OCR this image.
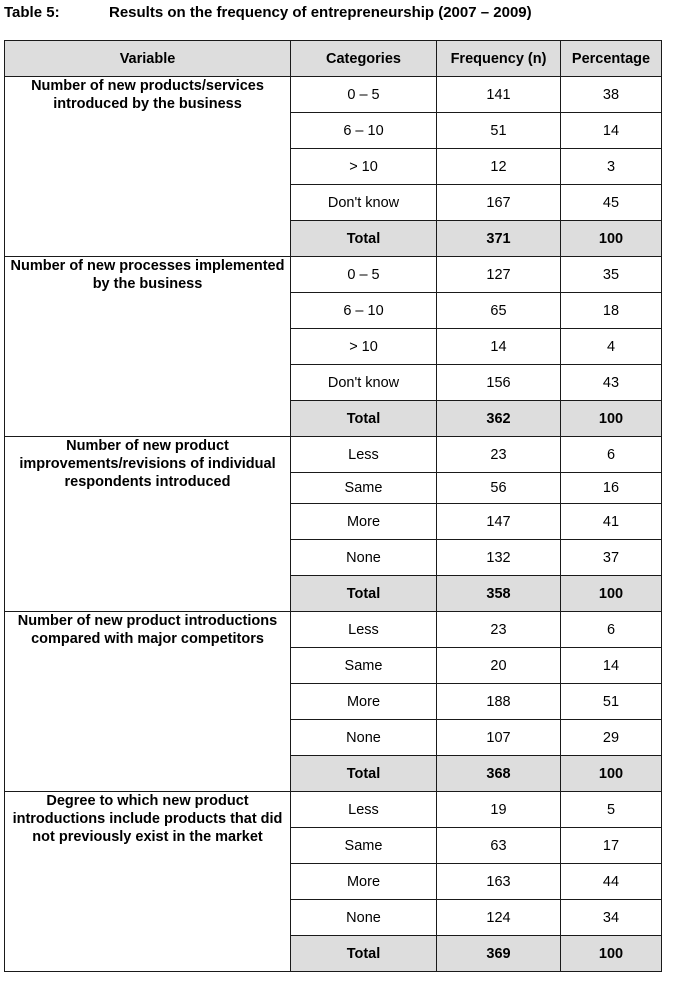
Table 5:	Results on the frequency of entrepreneurship (2007 – 2009)
Variable	Categories	Frequency (n)	Percentage
Number of new products/services introduced by the business	0 – 5	141	38
	6 – 10	51	14
	> 10	12	3
	Don't know	167	45
	Total	371	100
Number of new processes implemented by the business	0 – 5	127	35
	6 – 10	65	18
	> 10	14	4
	Don't know	156	43
	Total	362	100
Number of new product improvements/revisions of individual respondents introduced	Less	23	6
	Same	56	16
	More	147	41
	None	132	37
	Total	358	100
Number of new product introductions compared with major competitors	Less	23	6
	Same	20	14
	More	188	51
	None	107	29
	Total	368	100
Degree to which new product introductions include products that did not previously exist in the market	Less	19	5
	Same	63	17
	More	163	44
	None	124	34
	Total	369	100
